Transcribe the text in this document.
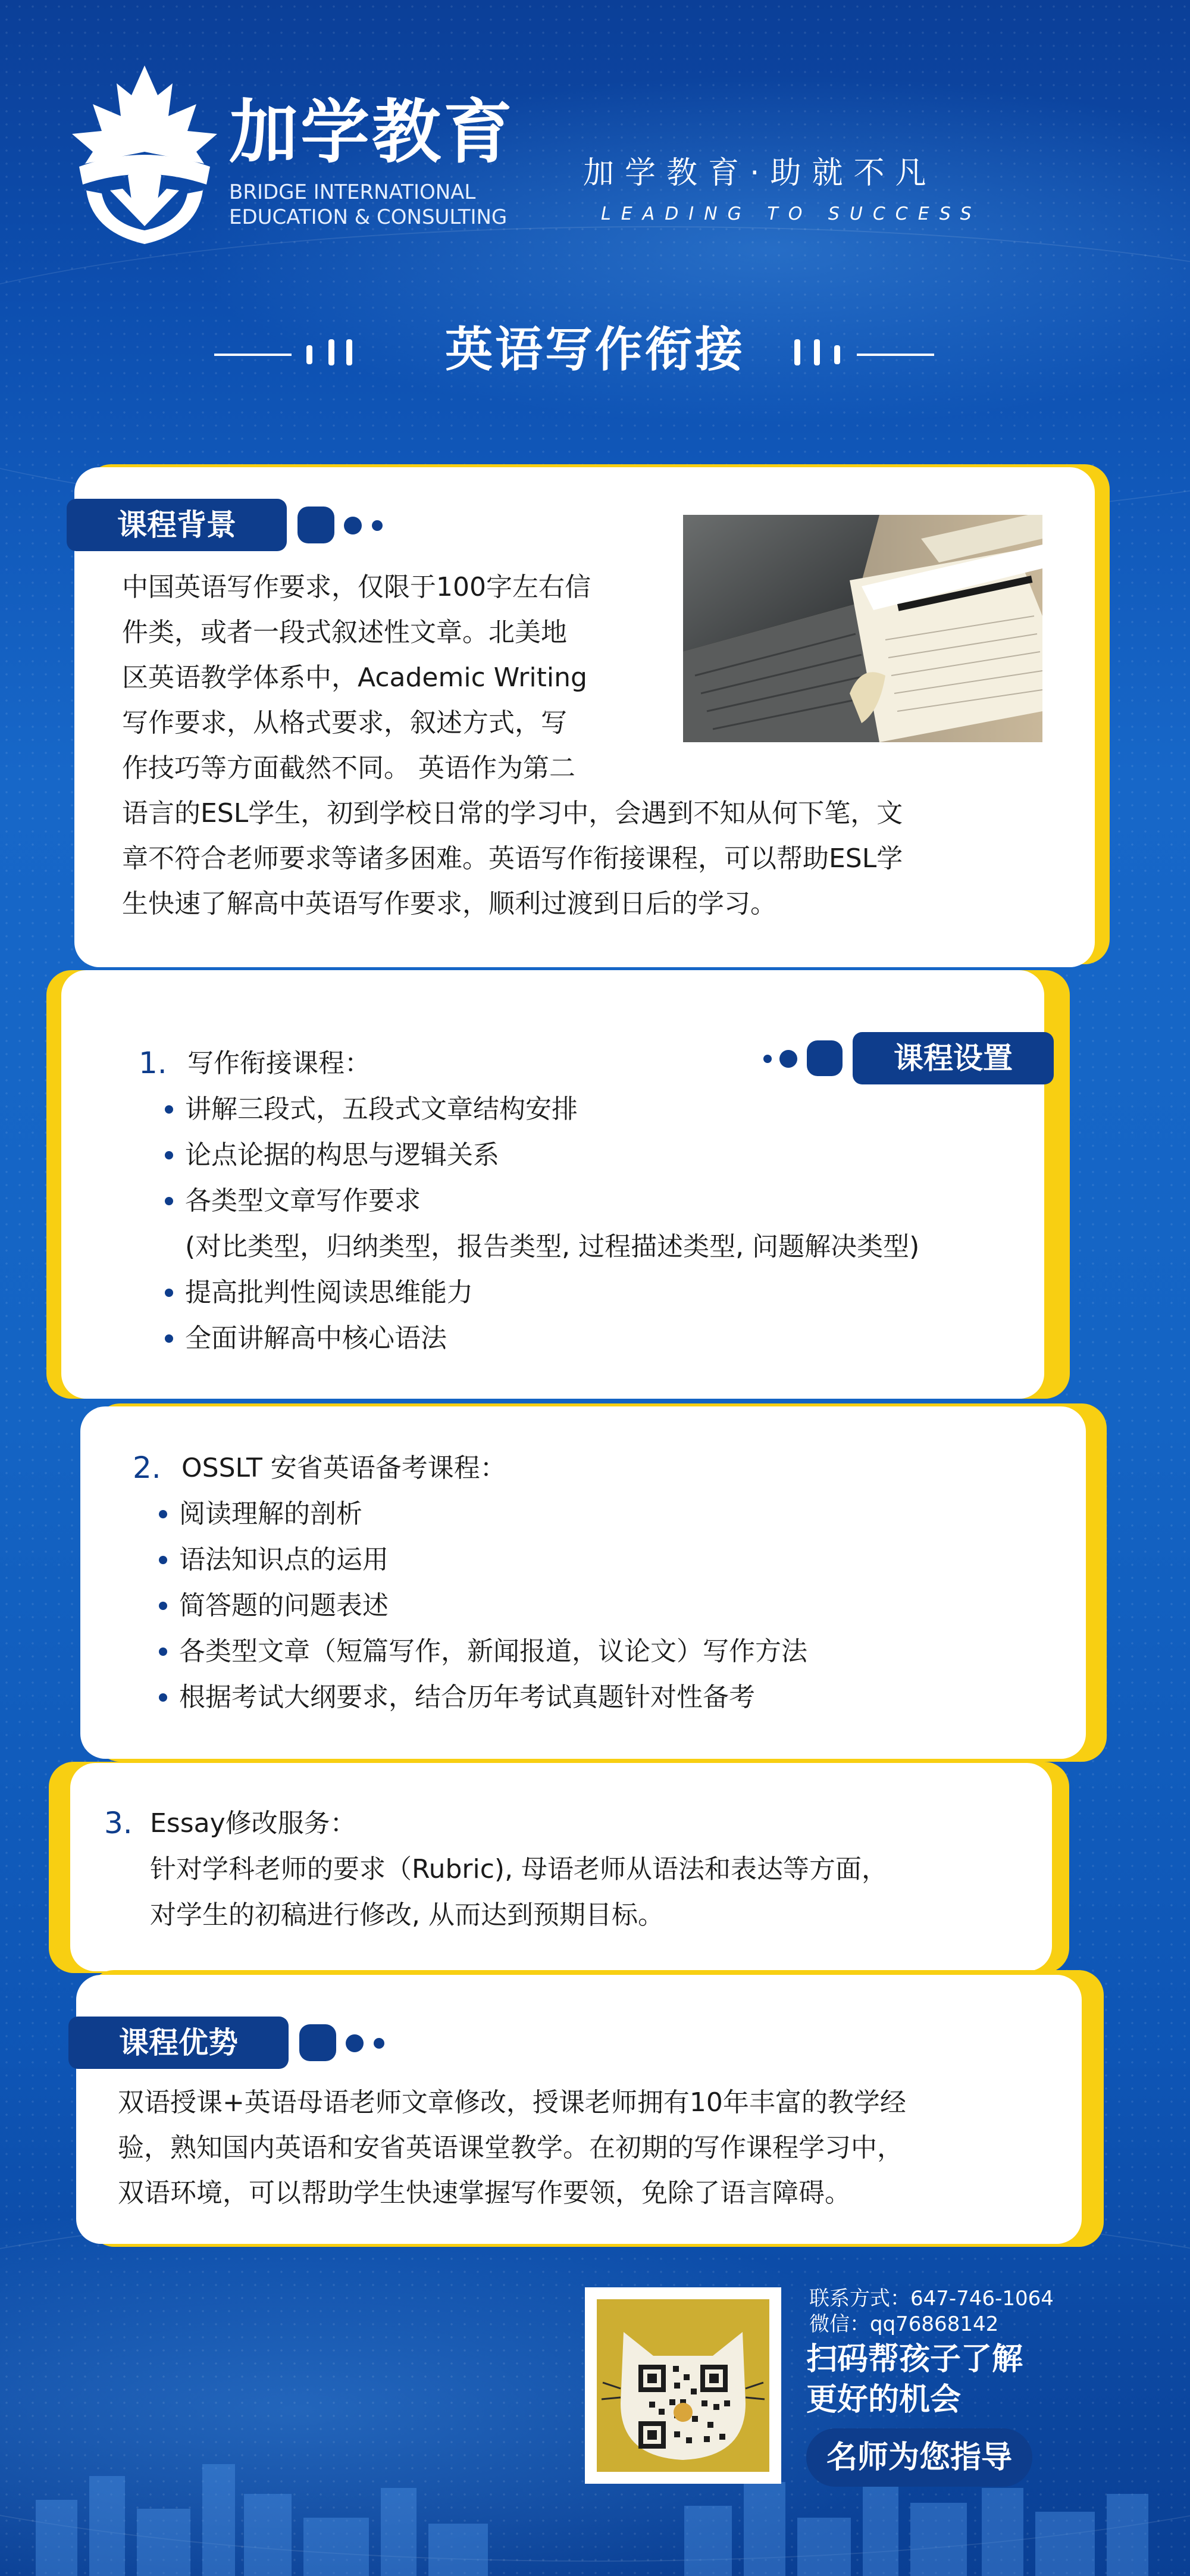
加学教育
BRIDGE INTERNATIONAL
EDUCATION & CONSULTING
加学教育·助就不凡
LEADING TO SUCCESS
英语写作衔接
课程背景
中国英语写作要求，仅限于100字左右信
件类，或者一段式叙述性文章。北美地
区英语教学体系中，Academic Writing
写作要求，从格式要求，叙述方式，写
作技巧等方面截然不同。 英语作为第二
语言的ESL学生，初到学校日常的学习中，会遇到不知从何下笔，文
章不符合老师要求等诸多困难。英语写作衔接课程，可以帮助ESL学
生快速了解高中英语写作要求，顺利过渡到日后的学习。
课程设置
1. 写作衔接课程：
讲解三段式，五段式文章结构安排
论点论据的构思与逻辑关系
各类型文章写作要求
(对比类型，归纳类型，报告类型, 过程描述类型, 问题解决类型)
提高批判性阅读思维能力
全面讲解高中核心语法
2. OSSLT 安省英语备考课程：
阅读理解的剖析
语法知识点的运用
简答题的问题表述
各类型文章（短篇写作，新闻报道，议论文）写作方法
根据考试大纲要求，结合历年考试真题针对性备考
3. Essay修改服务：
针对学科老师的要求（Rubric), 母语老师从语法和表达等方面，
对学生的初稿进行修改, 从而达到预期目标。
课程优势
双语授课+英语母语老师文章修改，授课老师拥有10年丰富的教学经
验，熟知国内英语和安省英语课堂教学。在初期的写作课程学习中，
双语环境，可以帮助学生快速掌握写作要领，免除了语言障碍。
联系方式：647-746-1064
微信：qq76868142
扫码帮孩子了解
更好的机会
名师为您指导
